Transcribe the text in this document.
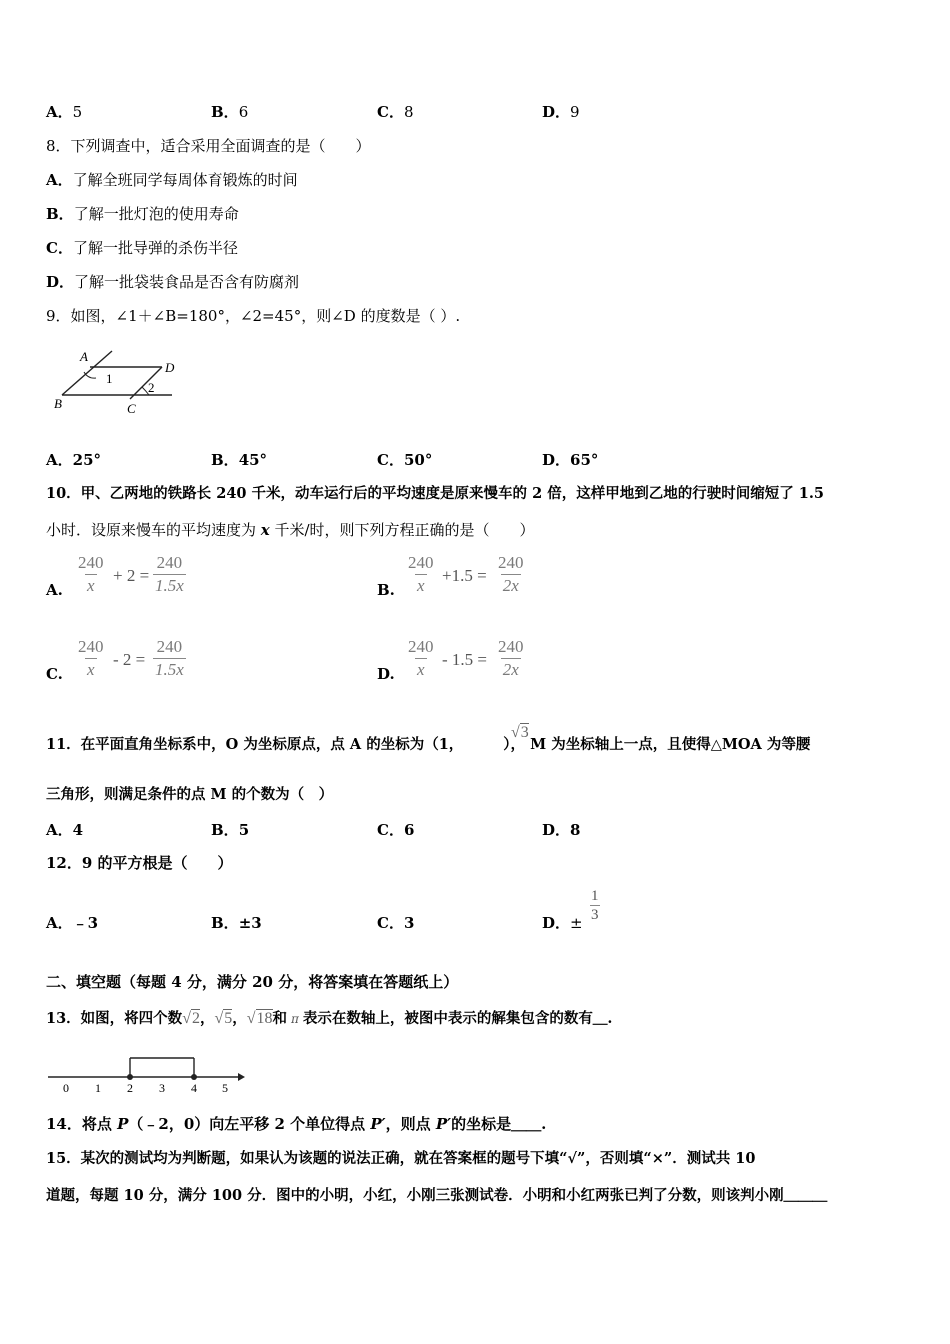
A．5	B．6	C．8	D．9
8．下列调查中，适合采用全面调查的是（　　）
A．了解全班同学每周体育锻炼的时间
B．了解一批灯泡的使用寿命
C．了解一批导弹的杀伤半径
D．了解一批袋装食品是否含有防腐剂
9．如图，∠1＋∠B=180°，∠2=45°，则∠D 的度数是（ ）.
A
B	C
D
1
2
A．25°	B．45°	C．50°	D．65°
10．甲、乙两地的铁路长 240 千米，动车运行后的平均速度是原来慢车的 2 倍，这样甲地到乙地的行驶时间缩短了 1.5
小时．设原来慢车的平均速度为 x 千米/时，则下列方程正确的是（　　）
A. $\frac{240}{x} + 2 = \frac{240}{1.5x}$	B. $\frac{240}{x} +1.5 = \frac{240}{2x}$
C. $\frac{240}{x} - 2 = \frac{240}{1.5x}$	D. $\frac{240}{x} - 1.5 = \frac{240}{2x}$
11．在平面直角坐标系中，O 为坐标原点，点 A 的坐标为（1，	）， M 为坐标轴上一点，且使得△MOA 为等腰
√3
三角形，则满足条件的点 M 的个数为（　）
A．4	B．5	C．6	D．8
12．9 的平方根是（　　）
A．﹣3	B．±3	C．3	D．± $\frac{1}{3}$
二、填空题（每题 4 分，满分 20 分，将答案填在答题纸上）
13．如图，将四个数√2，√5，√18和 π 表示在数轴上，被图中表示的解集包含的数有＿.
0 1 2 3 4 5
14．将点 P（﹣2，0）向左平移 2 个单位得点 P′，则点 P′的坐标是＿＿.
15．某次的测试均为判断题，如果认为该题的说法正确，就在答案框的题号下填“√”，否则填“×”．测试共 10
道题，每题 10 分，满分 100 分．图中的小明，小红，小刚三张测试卷．小明和小红两张已判了分数，则该判小刚＿＿＿
